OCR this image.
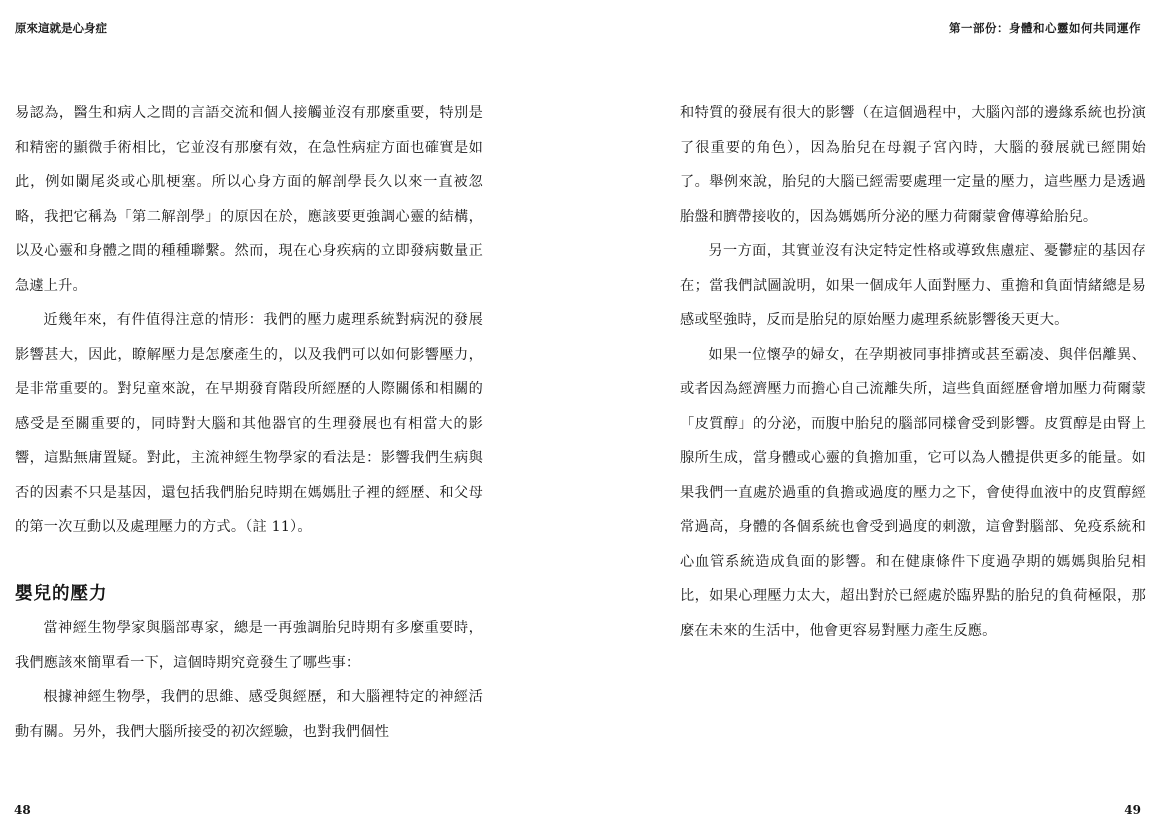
原來這就是心身症

易認為，醫生和病人之間的言語交流和個人接觸並沒有那麼重要，特別是和精密的顯微手術相比，它並沒有那麼有效，在急性病症方面也確實是如此，例如闌尾炎或心肌梗塞。所以心身方面的解剖學長久以來一直被忽略，我把它稱為「第二解剖學」的原因在於，應該要更強調心靈的結構，以及心靈和身體之間的種種聯繫。然而，現在心身疾病的立即發病數量正急遽上升。

近幾年來，有件值得注意的情形：我們的壓力處理系統對病況的發展影響甚大，因此，瞭解壓力是怎麼產生的，以及我們可以如何影響壓力，是非常重要的。對兒童來說，在早期發育階段所經歷的人際關係和相關的感受是至關重要的，同時對大腦和其他器官的生理發展也有相當大的影響，這點無庸置疑。對此，主流神經生物學家的看法是：影響我們生病與否的因素不只是基因，還包括我們胎兒時期在媽媽肚子裡的經歷、和父母的第一次互動以及處理壓力的方式。（註 11）。

嬰兒的壓力

當神經生物學家與腦部專家，總是一再強調胎兒時期有多麼重要時，我們應該來簡單看一下，這個時期究竟發生了哪些事：

根據神經生物學，我們的思維、感受與經歷，和大腦裡特定的神經活動有關。另外，我們大腦所接受的初次經驗，也對我們個性

48
第一部份：身體和心靈如何共同運作

和特質的發展有很大的影響（在這個過程中，大腦內部的邊緣系統也扮演了很重要的角色），因為胎兒在母親子宮內時，大腦的發展就已經開始了。舉例來說，胎兒的大腦已經需要處理一定量的壓力，這些壓力是透過胎盤和臍帶接收的，因為媽媽所分泌的壓力荷爾蒙會傳導給胎兒。

另一方面，其實並沒有決定特定性格或導致焦慮症、憂鬱症的基因存在；當我們試圖說明，如果一個成年人面對壓力、重擔和負面情緒總是易感或堅強時，反而是胎兒的原始壓力處理系統影響後天更大。

如果一位懷孕的婦女，在孕期被同事排擠或甚至霸凌、與伴侶離異、或者因為經濟壓力而擔心自己流離失所，這些負面經歷會增加壓力荷爾蒙「皮質醇」的分泌，而腹中胎兒的腦部同樣會受到影響。皮質醇是由腎上腺所生成，當身體或心靈的負擔加重，它可以為人體提供更多的能量。如果我們一直處於過重的負擔或過度的壓力之下，會使得血液中的皮質醇經常過高，身體的各個系統也會受到過度的刺激，這會對腦部、免疫系統和心血管系統造成負面的影響。和在健康條件下度過孕期的媽媽與胎兒相比，如果心理壓力太大，超出對於已經處於臨界點的胎兒的負荷極限，那麼在未來的生活中，他會更容易對壓力產生反應。

49
